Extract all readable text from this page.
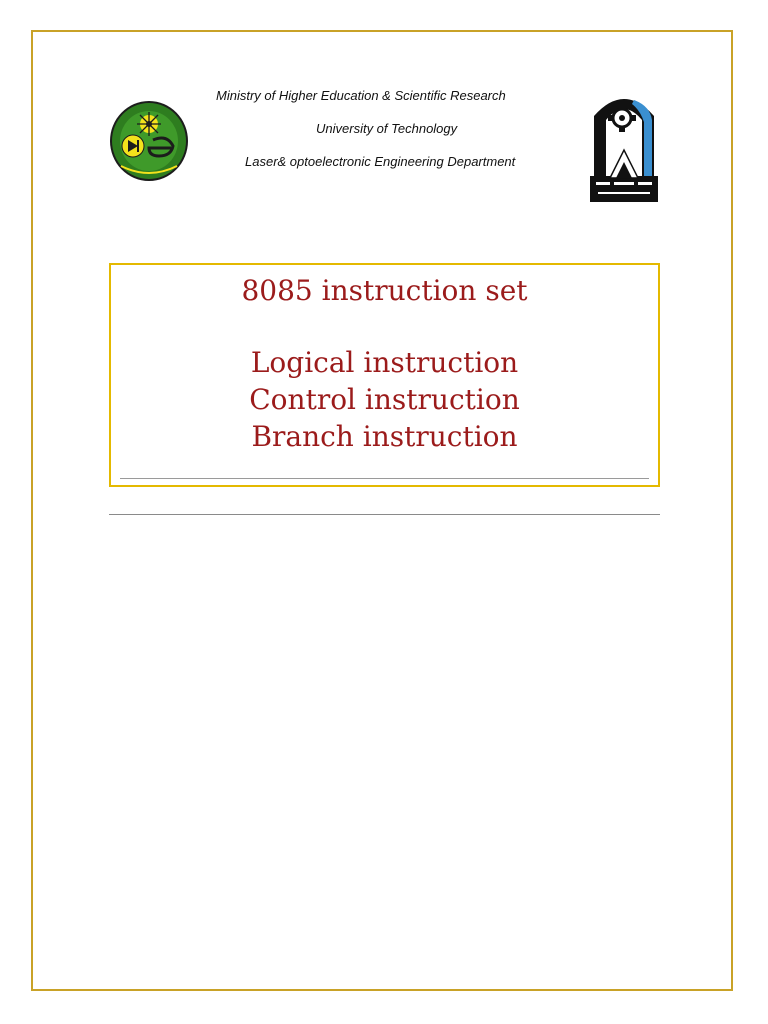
Ministry of Higher Education & Scientific Research
University of Technology
Laser& optoelectronic Engineering Department
8085 instruction set
Logical instruction
Control instruction
Branch instruction
